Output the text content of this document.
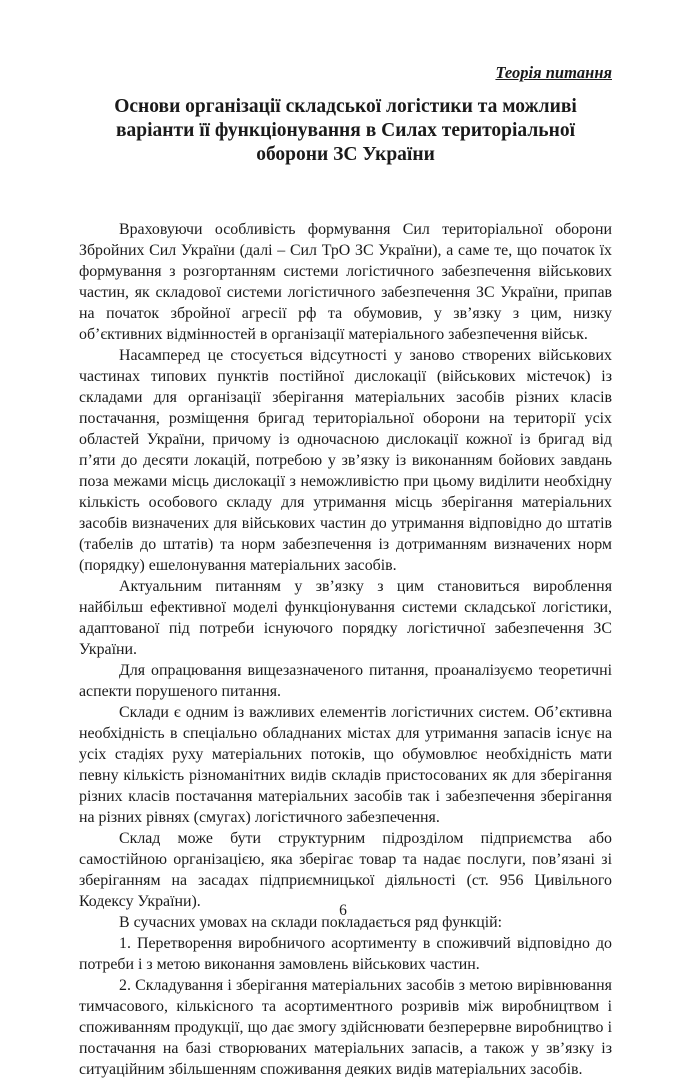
Теорія питання
Основи організації складської логістики та можливі варіанти її функціонування в Силах територіальної оборони ЗС України

Враховуючи особливість формування Сил територіальної оборони Збройних Сил України (далі – Сил ТрО ЗС України), а саме те, що початок їх формування з розгортанням системи логістичного забезпечення військових частин, як складової системи логістичного забезпечення ЗС України, припав на початок збройної агресії рф та обумовив, у зв’язку з цим, низку об’єктивних відмінностей в організації матеріального забезпечення військ.

Насамперед це стосується відсутності у заново створених військових частинах типових пунктів постійної дислокації (військових містечок) із складами для організації зберігання матеріальних засобів різних класів постачання, розміщення бригад територіальної оборони на території усіх областей України, причому із одночасною дислокації кожної із бригад від п’яти до десяти локацій, потребою у зв’язку із виконанням бойових завдань поза межами місць дислокації з неможливістю при цьому виділити необхідну кількість особового складу для утримання місць зберігання матеріальних засобів визначених для військових частин до утримання відповідно до штатів (табелів до штатів) та норм забезпечення із дотриманням визначених норм (порядку) ешелонування матеріальних засобів.

Актуальним питанням у зв’язку з цим становиться вироблення найбільш ефективної моделі функціонування системи складської логістики, адаптованої під потреби існуючого порядку логістичної забезпечення ЗС України.

Для опрацювання вищезазначеного питання, проаналізуємо теоретичні аспекти порушеного питання.

Склади є одним із важливих елементів логістичних систем. Об’єктивна необхідність в спеціально обладнаних містах для утримання запасів існує на усіх стадіях руху матеріальних потоків, що обумовлює необхідність мати певну кількість різноманітних видів складів пристосованих як для зберігання різних класів постачання матеріальних засобів так і забезпечення зберігання на різних рівнях (смугах) логістичного забезпечення.

Склад може бути структурним підрозділом підприємства або самостійною організацією, яка зберігає товар та надає послуги, пов’язані зі зберіганням на засадах підприємницької діяльності (ст. 956 Цивільного Кодексу України).

В сучасних умовах на склади покладається ряд функцій:

1. Перетворення виробничого асортименту в споживчий відповідно до потреби і з метою виконання замовлень військових частин.

2. Складування і зберігання матеріальних засобів з метою вирівнювання тимчасового, кількісного та асортиментного розривів між виробництвом і споживанням продукції, що дає змогу здійснювати безперервне виробництво і постачання на базі створюваних матеріальних запасів, а також у зв’язку із ситуаційним збільшенням споживання деяких видів матеріальних засобів.

6
